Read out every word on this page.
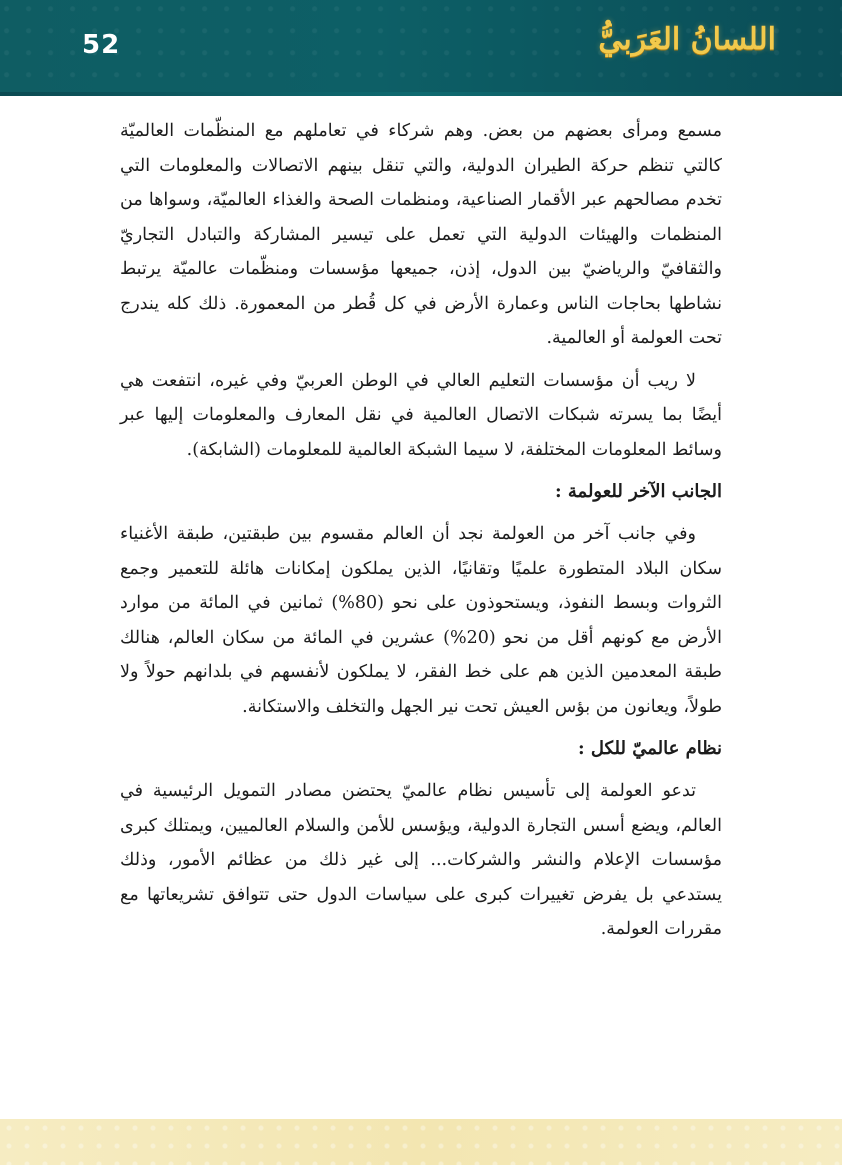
52	اللسانُ العَرَبيُّ

مسمع ومرأى بعضهم من بعض. وهم شركاء في تعاملهم مع المنظّمات العالميّة كالتي تنظم حركة الطيران الدولية، والتي تنقل بينهم الاتصالات والمعلومات التي تخدم مصالحهم عبر الأقمار الصناعية، ومنظمات الصحة والغذاء العالميّة، وسواها من المنظمات والهيئات الدولية التي تعمل على تيسير المشاركة والتبادل التجاريّ والثقافيّ والرياضيّ بين الدول، إذن، جميعها مؤسسات ومنظّمات عالميّة يرتبط نشاطها بحاجات الناس وعمارة الأرض في كل قُطر من المعمورة. ذلك كله يندرج تحت العولمة أو العالمية.

لا ريب أن مؤسسات التعليم العالي في الوطن العربيّ وفي غيره، انتفعت هي أيضًا بما يسرته شبكات الاتصال العالمية في نقل المعارف والمعلومات إليها عبر وسائط المعلومات المختلفة، لا سيما الشبكة العالمية للمعلومات (الشابكة).

الجانب الآخر للعولمة :

وفي جانب آخر من العولمة نجد أن العالم مقسوم بين طبقتين، طبقة الأغنياء سكان البلاد المتطورة علميًا وتقانيًا، الذين يملكون إمكانات هائلة للتعمير وجمع الثروات وبسط النفوذ، ويستحوذون على نحو (80%) ثمانين في المائة من موارد الأرض مع كونهم أقل من نحو (20%) عشرين في المائة من سكان العالم، هنالك طبقة المعدمين الذين هم على خط الفقر، لا يملكون لأنفسهم في بلدانهم حولاً ولا طولاً، ويعانون من بؤس العيش تحت نير الجهل والتخلف والاستكانة.

نظام عالميّ للكل :

تدعو العولمة إلى تأسيس نظام عالميّ يحتضن مصادر التمويل الرئيسية في العالم، ويضع أسس التجارة الدولية، ويؤسس للأمن والسلام العالميين، ويمتلك كبرى مؤسسات الإعلام والنشر والشركات... إلى غير ذلك من عظائم الأمور، وذلك يستدعي بل يفرض تغييرات كبرى على سياسات الدول حتى تتوافق تشريعاتها مع مقررات العولمة.
